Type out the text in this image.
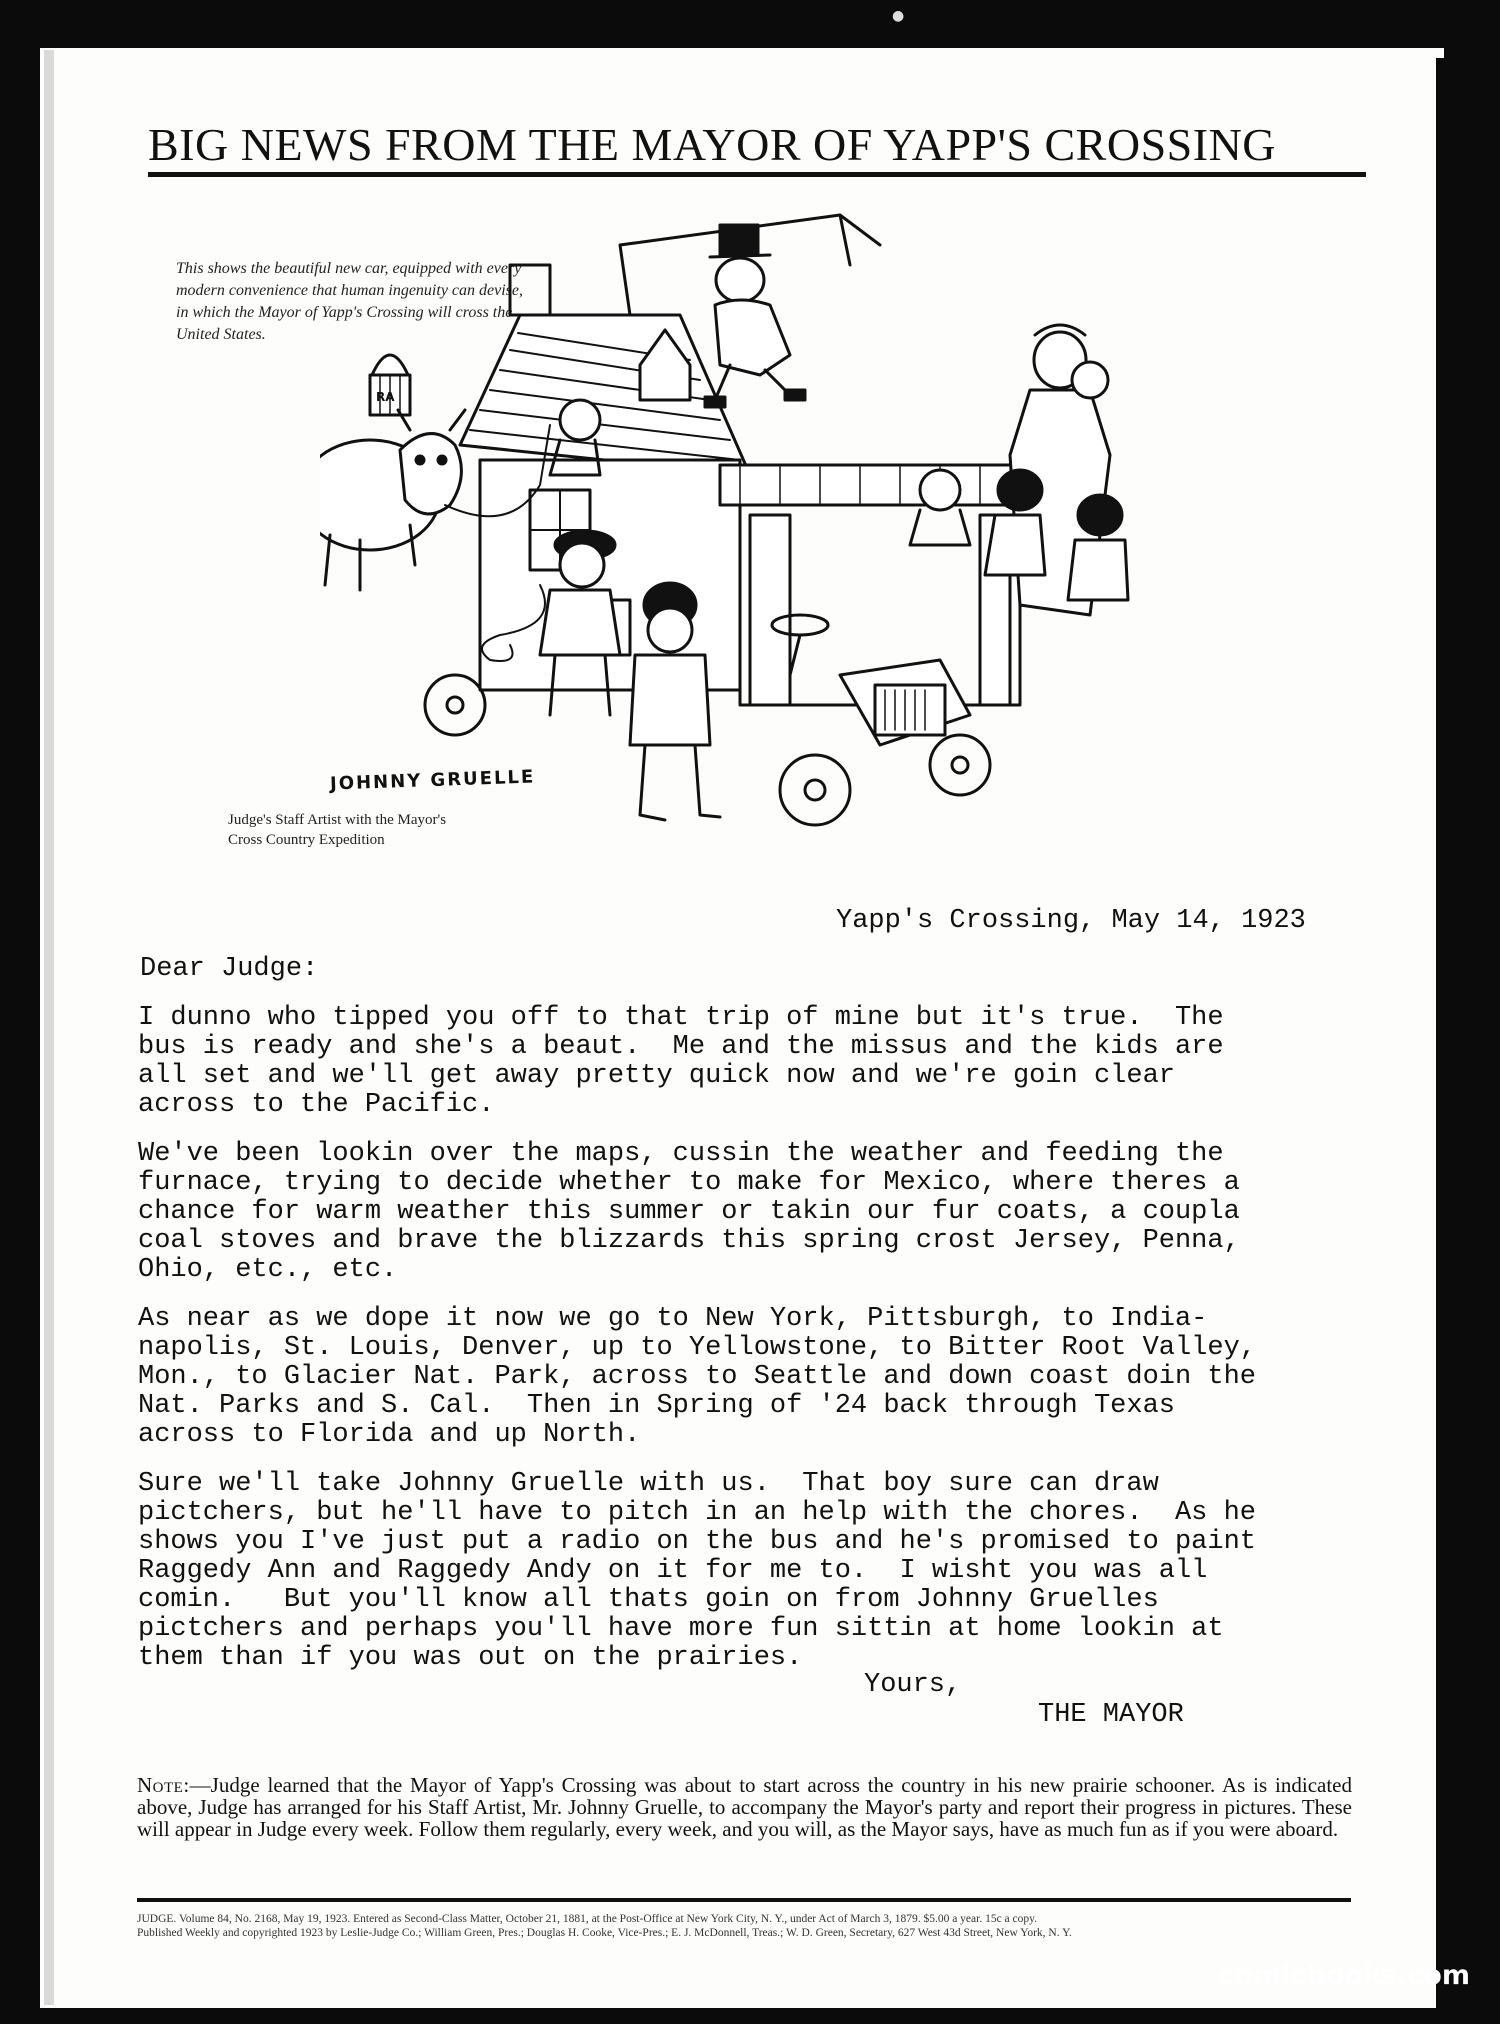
●
BIG NEWS FROM THE MAYOR OF YAPP'S CROSSING
This shows the beautiful new car, equipped with every modern convenience that human ingenuity can devise, in which the Mayor of Yapp's Crossing will cross the United States.
RA
JOHNNY GRUELLE
Judge's Staff Artist with the Mayor's
Cross Country Expedition
Yapp's Crossing, May 14, 1923
Dear Judge:

I dunno who tipped you off to that trip of mine but it's true.  The
bus is ready and she's a beaut.  Me and the missus and the kids are
all set and we'll get away pretty quick now and we're goin clear
across to the Pacific.

We've been lookin over the maps, cussin the weather and feeding the
furnace, trying to decide whether to make for Mexico, where theres a
chance for warm weather this summer or takin our fur coats, a coupla
coal stoves and brave the blizzards this spring crost Jersey, Penna,
Ohio, etc., etc.

As near as we dope it now we go to New York, Pittsburgh, to India-
napolis, St. Louis, Denver, up to Yellowstone, to Bitter Root Valley,
Mon., to Glacier Nat. Park, across to Seattle and down coast doin the
Nat. Parks and S. Cal.  Then in Spring of '24 back through Texas
across to Florida and up North.

Sure we'll take Johnny Gruelle with us.  That boy sure can draw
pictchers, but he'll have to pitch in an help with the chores.  As he
shows you I've just put a radio on the bus and he's promised to paint
Raggedy Ann and Raggedy Andy on it for me to.  I wisht you was all
comin.   But you'll know all thats goin on from Johnny Gruelles
pictchers and perhaps you'll have more fun sittin at home lookin at
them than if you was out on the prairies.

Yours,
THE MAYOR
Note:—Judge learned that the Mayor of Yapp's Crossing was about to start across the country in his new prairie schooner. As is indicated above, Judge has arranged for his Staff Artist, Mr. Johnny Gruelle, to accompany the Mayor's party and report their progress in pictures. These will appear in Judge every week. Follow them regularly, every week, and you will, as the Mayor says, have as much fun as if you were aboard.
JUDGE. Volume 84, No. 2168, May 19, 1923. Entered as Second-Class Matter, October 21, 1881, at the Post-Office at New York City, N. Y., under Act of March 3, 1879. $5.00 a year. 15c a copy.
Published Weekly and copyrighted 1923 by Leslie-Judge Co.; William Green, Pres.; Douglas H. Cooke, Vice-Pres.; E. J. McDonnell, Treas.; W. D. Green, Secretary, 627 West 43d Street, New York, N. Y.
comicbooks.com
